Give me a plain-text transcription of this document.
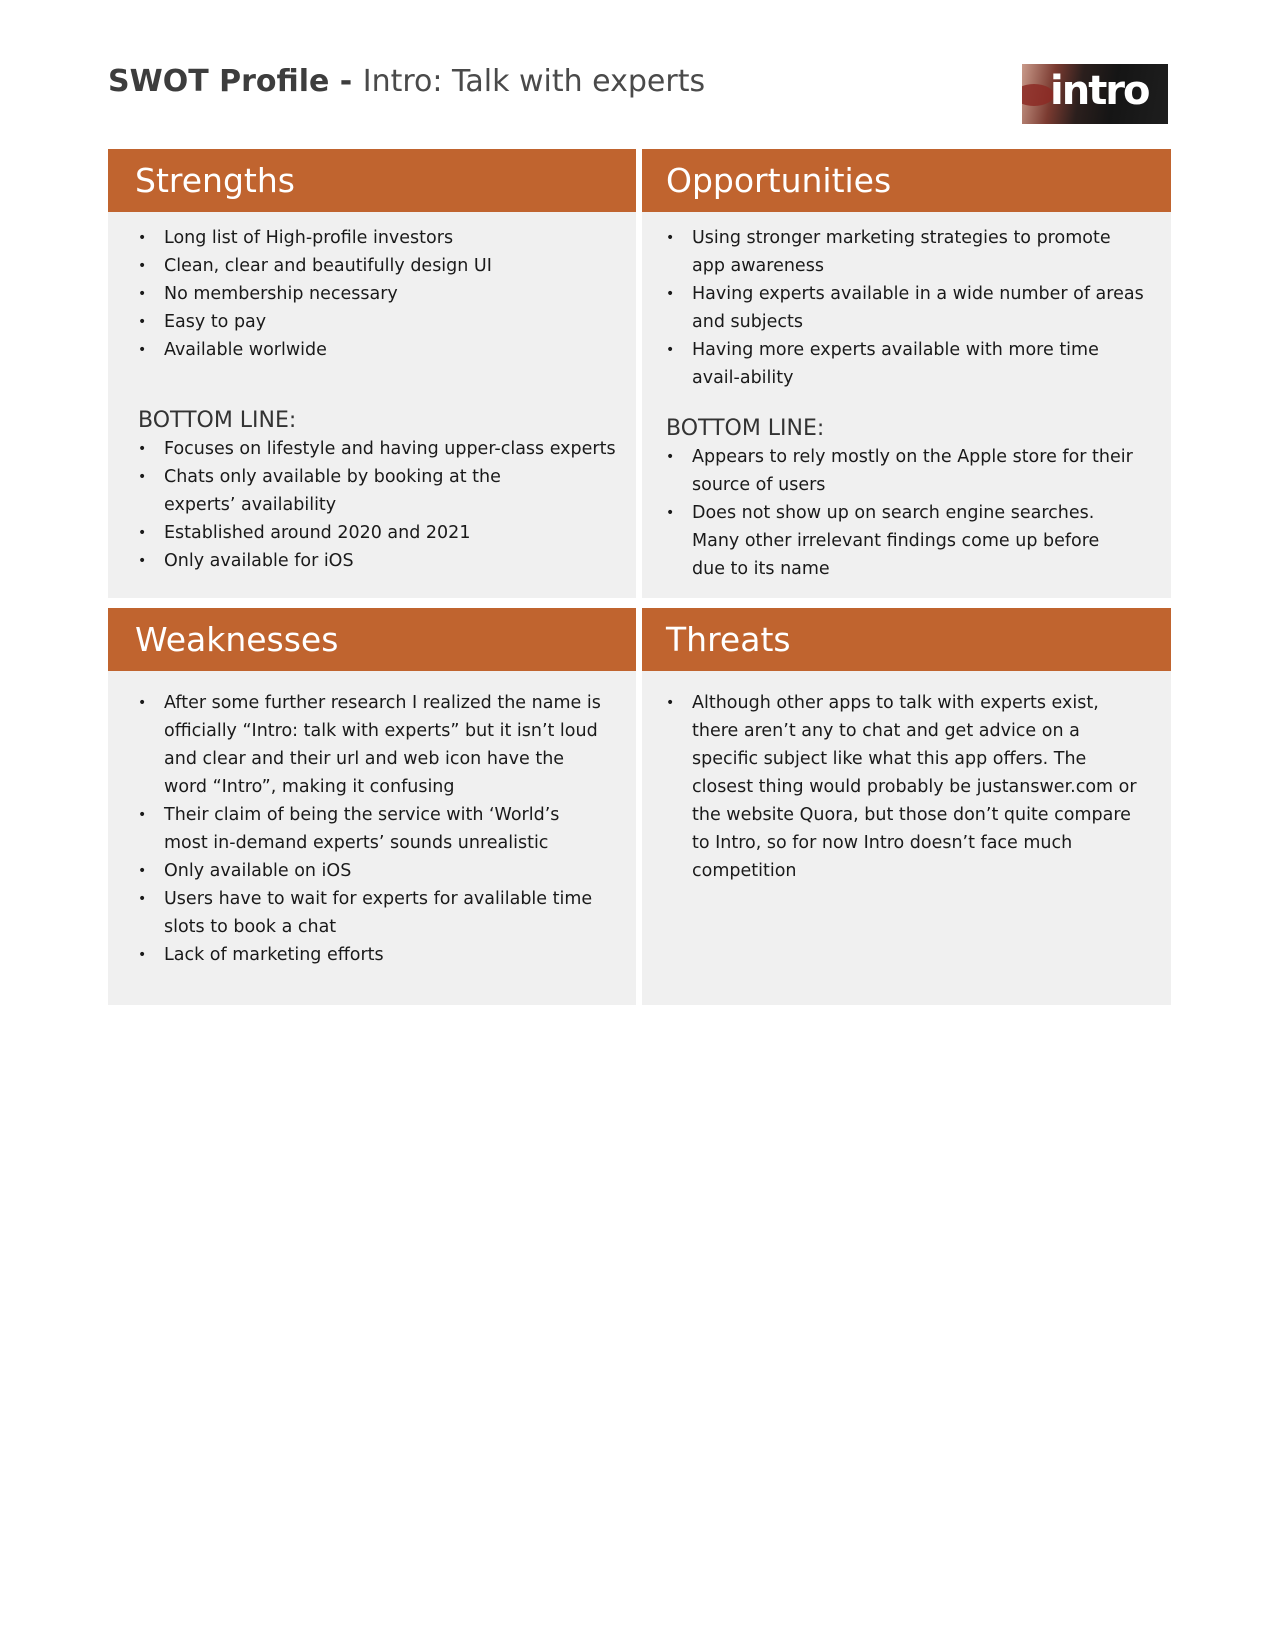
SWOT Profile - Intro: Talk with experts	intro
Strengths
• Long list of High-profile investors
• Clean, clear and beautifully design UI
• No membership necessary
• Easy to pay
• Available worlwide

BOTTOM LINE:

• Focuses on lifestyle and having upper-class experts
• Chats only available by booking at the experts’ availability
• Established around 2020 and 2021
• Only available for iOS
Opportunities
• Using stronger marketing strategies to promote app awareness
• Having experts available in a wide number of areas and subjects
• Having more experts available with more time avail-ability

BOTTOM LINE:

• Appears to rely mostly on the Apple store for their source of users
• Does not show up on search engine searches. Many other irrelevant findings come up before due to its name
Weaknesses
• After some further research I realized the name is officially “Intro: talk with experts” but it isn’t loud and clear and their url and web icon have the word “Intro”, making it confusing
• Their claim of being the service with ‘World’s most in-demand experts’ sounds unrealistic
• Only available on iOS
• Users have to wait for experts for avalilable time slots to book a chat
• Lack of marketing efforts
Threats
• Although other apps to talk with experts exist, there aren’t any to chat and get advice on a specific subject like what this app offers. The closest thing would probably be justanswer.com or the website Quora, but those don’t quite compare to Intro, so for now Intro doesn’t face much competition
